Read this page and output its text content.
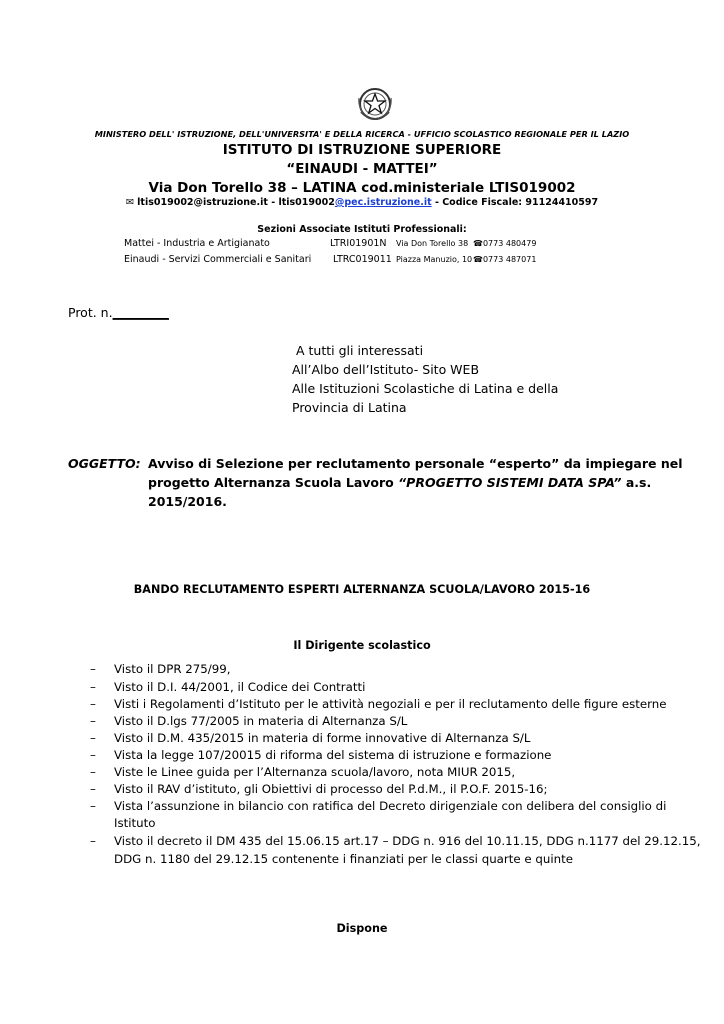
MINISTERO DELL' ISTRUZIONE, DELL'UNIVERSITA' E DELLA RICERCA - UFFICIO SCOLASTICO REGIONALE PER IL LAZIO
ISTITUTO DI ISTRUZIONE SUPERIORE
“EINAUDI - MATTEI”
Via Don Torello 38 – LATINA cod.ministeriale LTIS019002
✉ ltis019002@istruzione.it - ltis019002@pec.istruzione.it - Codice Fiscale: 91124410597
Sezioni Associate Istituti Professionali:
Mattei - Industria e Artigianato	LTRI01901N Via Don Torello 38 ☎0773 480479
Einaudi - Servizi Commerciali e Sanitari LTRC019011 Piazza Manuzio, 10 ☎0773 487071
Prot. n._________
A tutti gli interessati
All’Albo dell’Istituto- Sito WEB
Alle Istituzioni Scolastiche di Latina e della
Provincia di Latina
OGGETTO: Avviso di Selezione per reclutamento personale “esperto” da impiegare nel
progetto Alternanza Scuola Lavoro “PROGETTO SISTEMI DATA SPA” a.s.
2015/2016.
BANDO RECLUTAMENTO ESPERTI ALTERNANZA SCUOLA/LAVORO 2015-16
Il Dirigente scolastico
–	Visto il DPR 275/99,
–	Visto il D.I. 44/2001, il Codice dei Contratti
–	Visti i Regolamenti d’Istituto per le attività negoziali e per il reclutamento delle figure esterne
–	Visto il D.lgs 77/2005 in materia di Alternanza S/L
–	Visto il D.M. 435/2015 in materia di forme innovative di Alternanza S/L
–	Vista la legge 107/20015 di riforma del sistema di istruzione e formazione
–	Viste le Linee guida per l’Alternanza scuola/lavoro, nota MIUR 2015,
–	Visto il RAV d’istituto, gli Obiettivi di processo del P.d.M., il P.O.F. 2015-16;
–	Vista l’assunzione in bilancio con ratifica del Decreto dirigenziale con delibera del consiglio di
Istituto
–	Visto il decreto il DM 435 del 15.06.15 art.17 – DDG n. 916 del 10.11.15, DDG n.1177 del 29.12.15,
DDG n. 1180 del 29.12.15 contenente i finanziati per le classi quarte e quinte
Dispone
